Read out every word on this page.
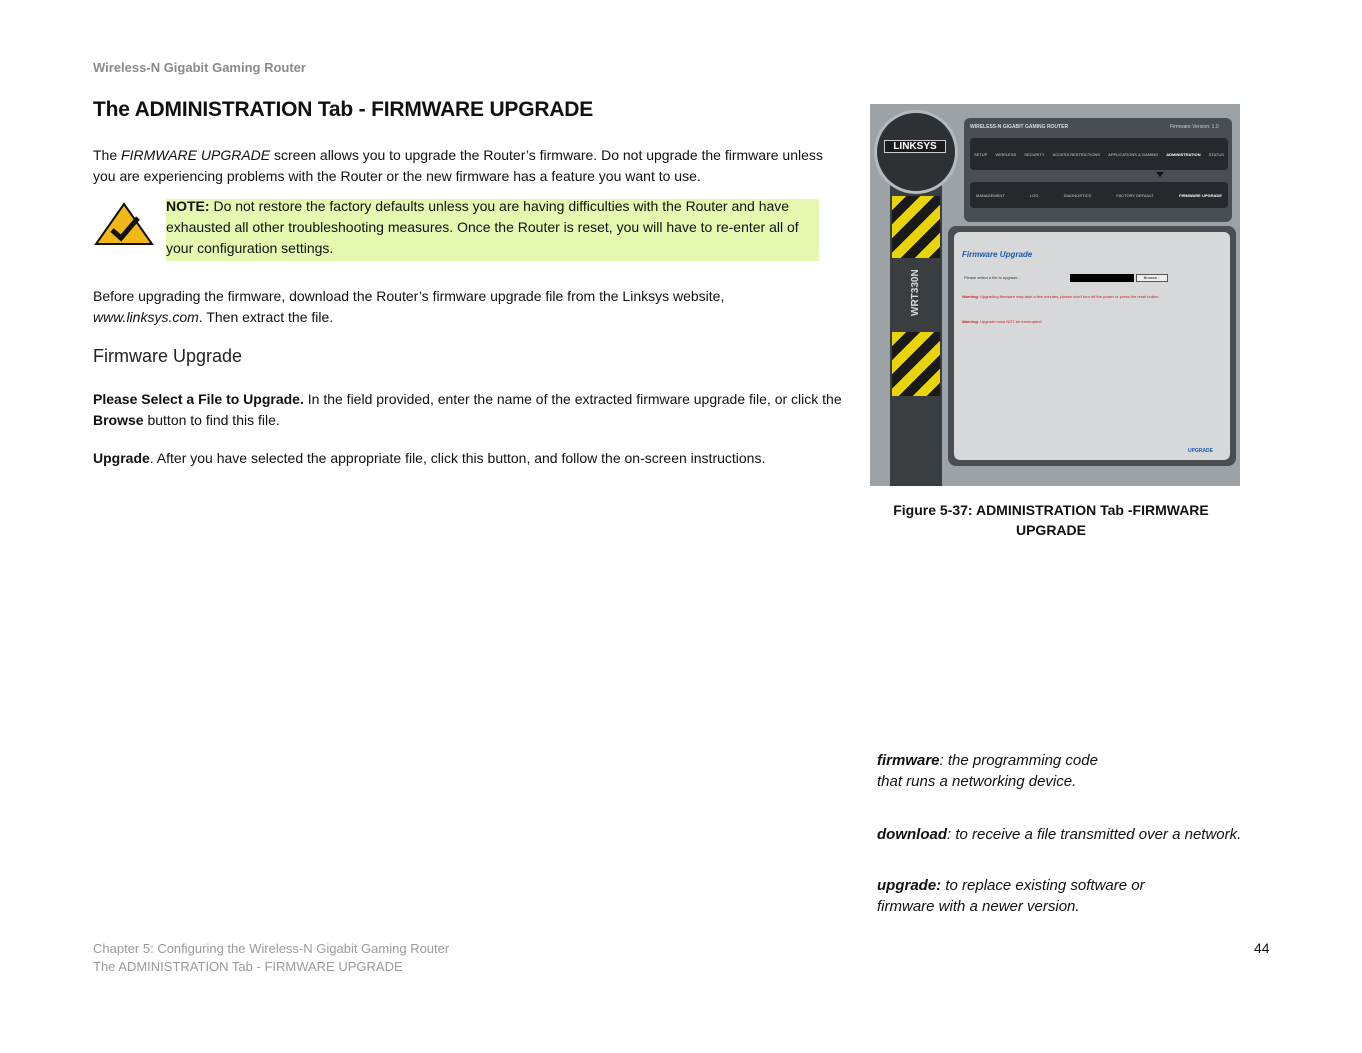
Wireless-N Gigabit Gaming Router
The ADMINISTRATION Tab - FIRMWARE UPGRADE
The FIRMWARE UPGRADE screen allows you to upgrade the Router’s firmware. Do not upgrade the firmware unless you are experiencing problems with the Router or the new firmware has a feature you want to use.
NOTE: Do not restore the factory defaults unless you are having difficulties with the Router and have exhausted all other troubleshooting measures. Once the Router is reset, you will have to re-enter all of your configuration settings.
Before upgrading the firmware, download the Router’s firmware upgrade file from the Linksys website, www.linksys.com. Then extract the file.
Firmware Upgrade
Please Select a File to Upgrade. In the field provided, enter the name of the extracted firmware upgrade file, or click the Browse button to find this file.
Upgrade. After you have selected the appropriate file, click this button, and follow the on-screen instructions.
WRT330N
LINKSYS
WIRELESS-N GIGABIT GAMING ROUTER	Firmware Version: 1.0
SETUP WIRELESS SECURITY ACCESS RESTRICTIONS APPLICATIONS & GAMING ADMINISTRATION STATUS
MANAGEMENT	LOG	DIAGNOSTICS	FACTORY DEFAULT	FIRMWARE UPGRADE
Firmware Upgrade
Please select a file to upgrade :	Browse...
Warning: Upgrading firmware may take a few minutes, please don't turn off the power or press the reset button.
Warning: Upgrade must NOT be interrupted!
UPGRADE
Figure 5-37: ADMINISTRATION Tab -FIRMWARE UPGRADE
firmware: the programming code that runs a networking device.
download: to receive a file transmitted over a network.
upgrade: to replace existing software or firmware with a newer version.
Chapter 5: Configuring the Wireless-N Gigabit Gaming Router
The ADMINISTRATION Tab - FIRMWARE UPGRADE
44
